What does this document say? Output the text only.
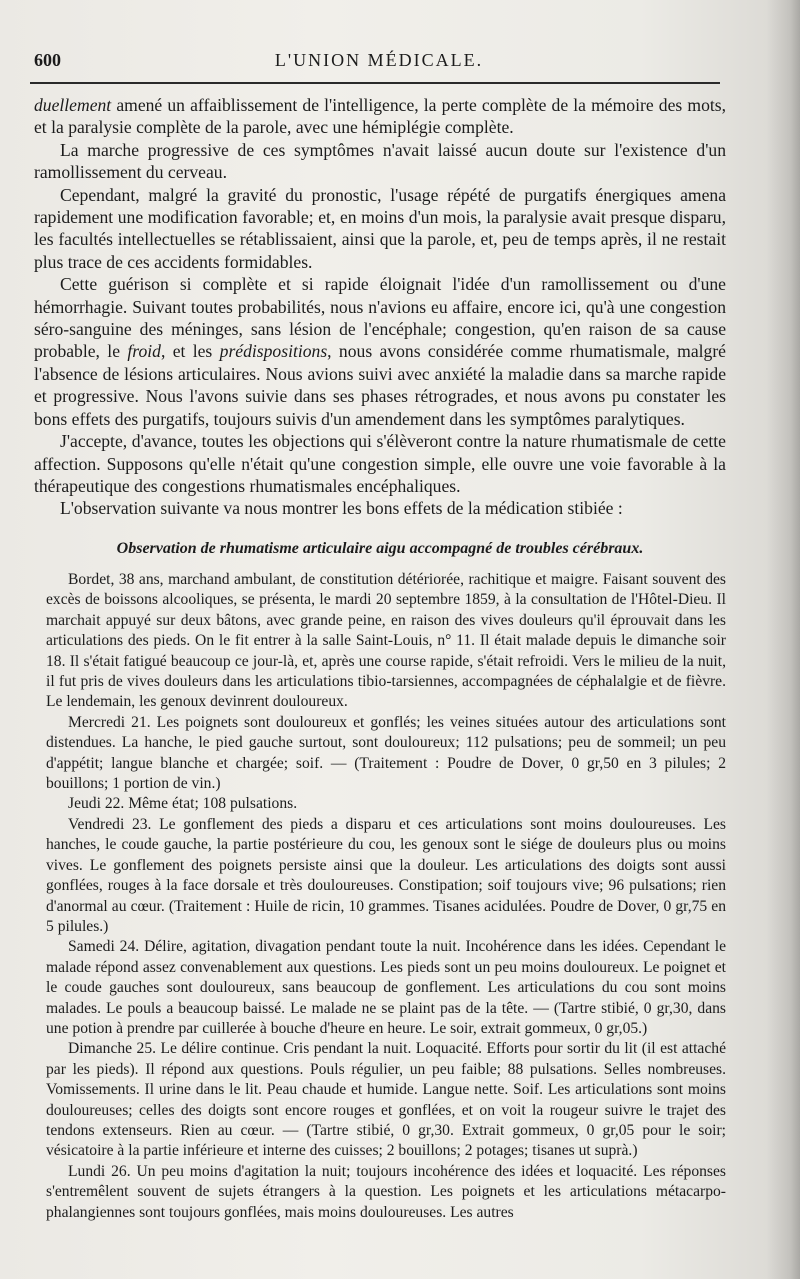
600	L'UNION MÉDICALE.

duellement amené un affaiblissement de l'intelligence, la perte complète de la mémoire des mots, et la paralysie complète de la parole, avec une hémiplégie complète.

La marche progressive de ces symptômes n'avait laissé aucun doute sur l'existence d'un ramollissement du cerveau.

Cependant, malgré la gravité du pronostic, l'usage répété de purgatifs énergiques amena rapidement une modification favorable; et, en moins d'un mois, la paralysie avait presque disparu, les facultés intellectuelles se rétablissaient, ainsi que la parole, et, peu de temps après, il ne restait plus trace de ces accidents formidables.

Cette guérison si complète et si rapide éloignait l'idée d'un ramollissement ou d'une hémorrhagie. Suivant toutes probabilités, nous n'avions eu affaire, encore ici, qu'à une congestion séro-sanguine des méninges, sans lésion de l'encéphale; congestion, qu'en raison de sa cause probable, le froid, et les prédispositions, nous avons considérée comme rhumatismale, malgré l'absence de lésions articulaires. Nous avions suivi avec anxiété la maladie dans sa marche rapide et progressive. Nous l'avons suivie dans ses phases rétrogrades, et nous avons pu constater les bons effets des purgatifs, toujours suivis d'un amendement dans les symptômes paralytiques.

J'accepte, d'avance, toutes les objections qui s'élèveront contre la nature rhumatismale de cette affection. Supposons qu'elle n'était qu'une congestion simple, elle ouvre une voie favorable à la thérapeutique des congestions rhumatismales encéphaliques.

L'observation suivante va nous montrer les bons effets de la médication stibiée :

Observation de rhumatisme articulaire aigu accompagné de troubles cérébraux.

Bordet, 38 ans, marchand ambulant, de constitution détériorée, rachitique et maigre. Faisant souvent des excès de boissons alcooliques, se présenta, le mardi 20 septembre 1859, à la consultation de l'Hôtel-Dieu. Il marchait appuyé sur deux bâtons, avec grande peine, en raison des vives douleurs qu'il éprouvait dans les articulations des pieds. On le fit entrer à la salle Saint-Louis, n° 11. Il était malade depuis le dimanche soir 18. Il s'était fatigué beaucoup ce jour-là, et, après une course rapide, s'était refroidi. Vers le milieu de la nuit, il fut pris de vives douleurs dans les articulations tibio-tarsiennes, accompagnées de céphalalgie et de fièvre. Le lendemain, les genoux devinrent douloureux.

Mercredi 21. Les poignets sont douloureux et gonflés; les veines situées autour des articulations sont distendues. La hanche, le pied gauche surtout, sont douloureux; 112 pulsations; peu de sommeil; un peu d'appétit; langue blanche et chargée; soif. — (Traitement : Poudre de Dover, 0 gr,50 en 3 pilules; 2 bouillons; 1 portion de vin.)

Jeudi 22. Même état; 108 pulsations.

Vendredi 23. Le gonflement des pieds a disparu et ces articulations sont moins douloureuses. Les hanches, le coude gauche, la partie postérieure du cou, les genoux sont le siége de douleurs plus ou moins vives. Le gonflement des poignets persiste ainsi que la douleur. Les articulations des doigts sont aussi gonflées, rouges à la face dorsale et très douloureuses. Constipation; soif toujours vive; 96 pulsations; rien d'anormal au cœur. (Traitement : Huile de ricin, 10 grammes. Tisanes acidulées. Poudre de Dover, 0 gr,75 en 5 pilules.)

Samedi 24. Délire, agitation, divagation pendant toute la nuit. Incohérence dans les idées. Cependant le malade répond assez convenablement aux questions. Les pieds sont un peu moins douloureux. Le poignet et le coude gauches sont douloureux, sans beaucoup de gonflement. Les articulations du cou sont moins malades. Le pouls a beaucoup baissé. Le malade ne se plaint pas de la tête. — (Tartre stibié, 0 gr,30, dans une potion à prendre par cuillerée à bouche d'heure en heure. Le soir, extrait gommeux, 0 gr,05.)

Dimanche 25. Le délire continue. Cris pendant la nuit. Loquacité. Efforts pour sortir du lit (il est attaché par les pieds). Il répond aux questions. Pouls régulier, un peu faible; 88 pulsations. Selles nombreuses. Vomissements. Il urine dans le lit. Peau chaude et humide. Langue nette. Soif. Les articulations sont moins douloureuses; celles des doigts sont encore rouges et gonflées, et on voit la rougeur suivre le trajet des tendons extenseurs. Rien au cœur. — (Tartre stibié, 0 gr,30. Extrait gommeux, 0 gr,05 pour le soir; vésicatoire à la partie inférieure et interne des cuisses; 2 bouillons; 2 potages; tisanes ut suprà.)

Lundi 26. Un peu moins d'agitation la nuit; toujours incohérence des idées et loquacité. Les réponses s'entremêlent souvent de sujets étrangers à la question. Les poignets et les articulations métacarpo-phalangiennes sont toujours gonflées, mais moins douloureuses. Les autres
